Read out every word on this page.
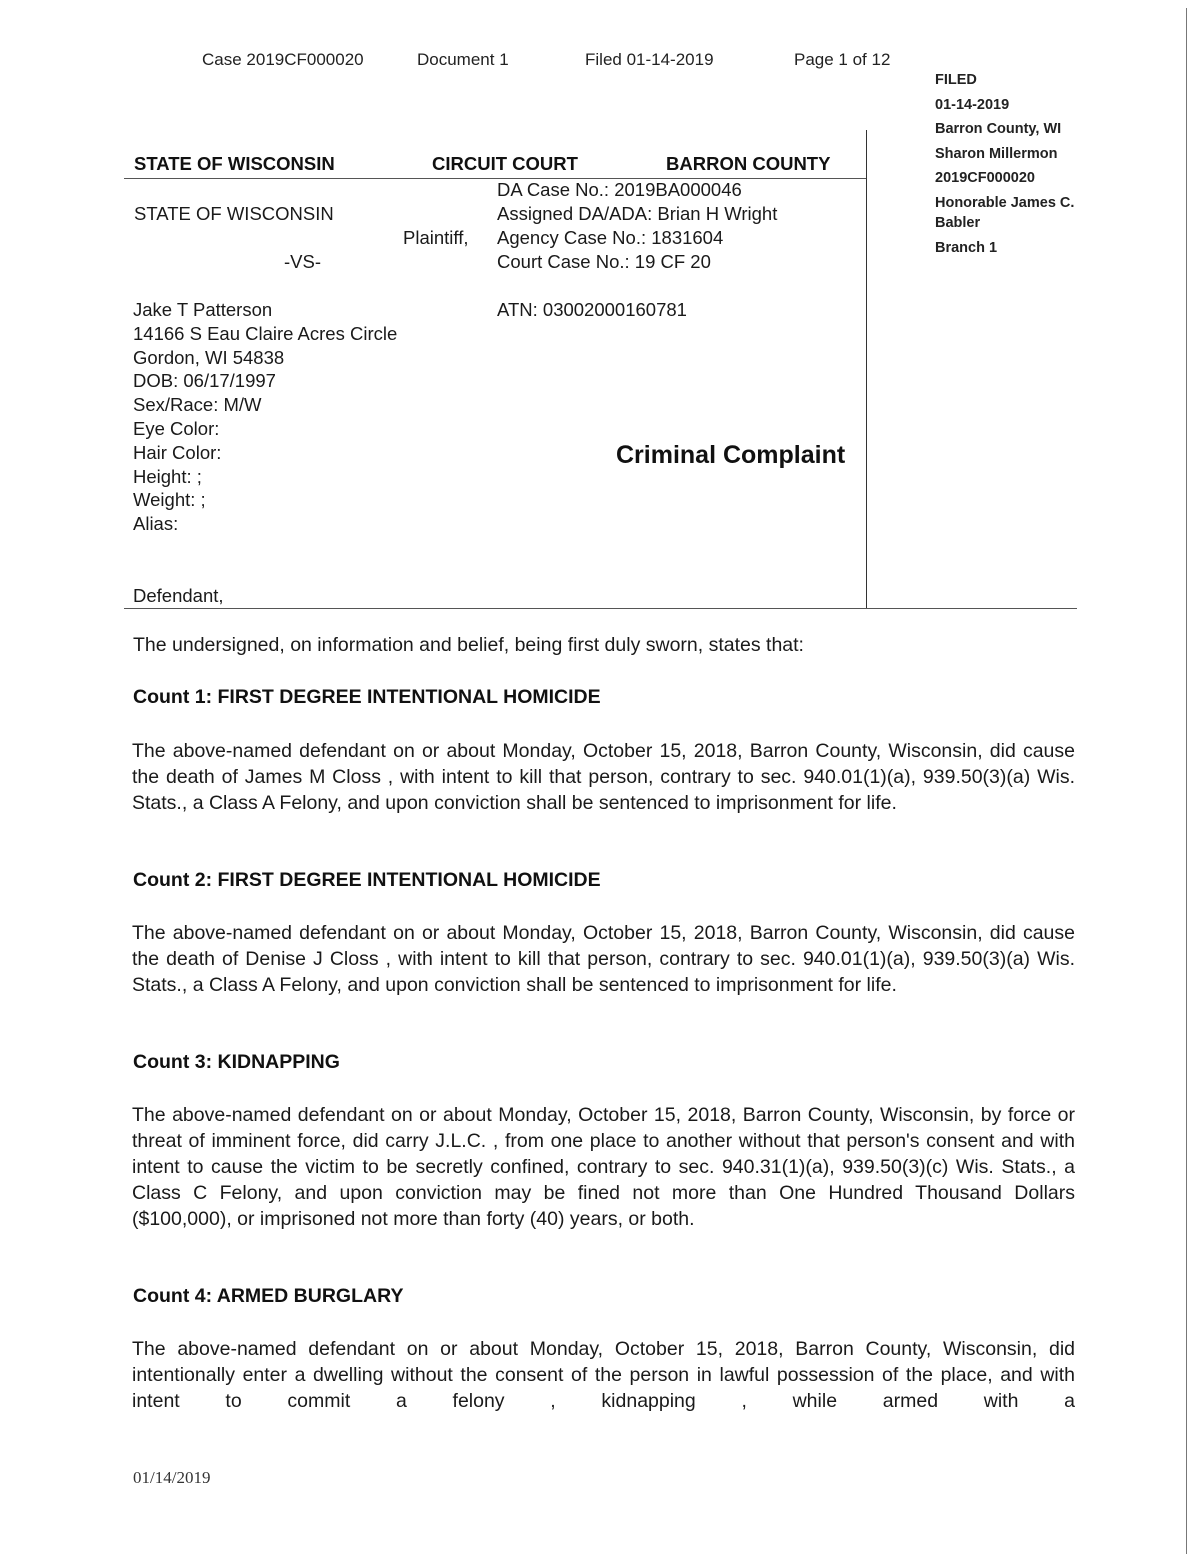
Case 2019CF000020	Document 1	Filed 01-14-2019	Page 1 of 12
FILED
01-14-2019
Barron County, WI
Sharon Millermon
2019CF000020
Honorable James C. Babler
Branch 1
STATE OF WISCONSIN	CIRCUIT COURT	BARRON COUNTY
STATE OF WISCONSIN
Plaintiff,
-VS-
DA Case No.: 2019BA000046
Assigned DA/ADA: Brian H Wright
Agency Case No.: 1831604
Court Case No.: 19 CF 20
ATN: 03002000160781
Jake T Patterson
14166 S Eau Claire Acres Circle
Gordon, WI 54838
DOB: 06/17/1997
Sex/Race: M/W
Eye Color:
Hair Color:
Height: ;
Weight: ;
Alias:
Defendant,
Criminal Complaint
The undersigned, on information and belief, being first duly sworn, states that:
Count 1: FIRST DEGREE INTENTIONAL HOMICIDE
The above-named defendant on or about Monday, October 15, 2018, Barron County, Wisconsin, did cause the death of James M Closs , with intent to kill that person, contrary to sec. 940.01(1)(a), 939.50(3)(a) Wis. Stats., a Class A Felony, and upon conviction shall be sentenced to imprisonment for life.
Count 2: FIRST DEGREE INTENTIONAL HOMICIDE
The above-named defendant on or about Monday, October 15, 2018, Barron County, Wisconsin, did cause the death of Denise J Closs , with intent to kill that person, contrary to sec. 940.01(1)(a), 939.50(3)(a) Wis. Stats., a Class A Felony, and upon conviction shall be sentenced to imprisonment for life.
Count 3: KIDNAPPING
The above-named defendant on or about Monday, October 15, 2018, Barron County, Wisconsin, by force or threat of imminent force, did carry J.L.C. , from one place to another without that person's consent and with intent to cause the victim to be secretly confined, contrary to sec. 940.31(1)(a), 939.50(3)(c) Wis. Stats., a Class C Felony, and upon conviction may be fined not more than One Hundred Thousand Dollars ($100,000), or imprisoned not more than forty (40) years, or both.
Count 4: ARMED BURGLARY
The above-named defendant on or about Monday, October 15, 2018, Barron County, Wisconsin, did intentionally enter a dwelling without the consent of the person in lawful possession of the place, and with intent to commit a felony , kidnapping , while armed with a
01/14/2019
